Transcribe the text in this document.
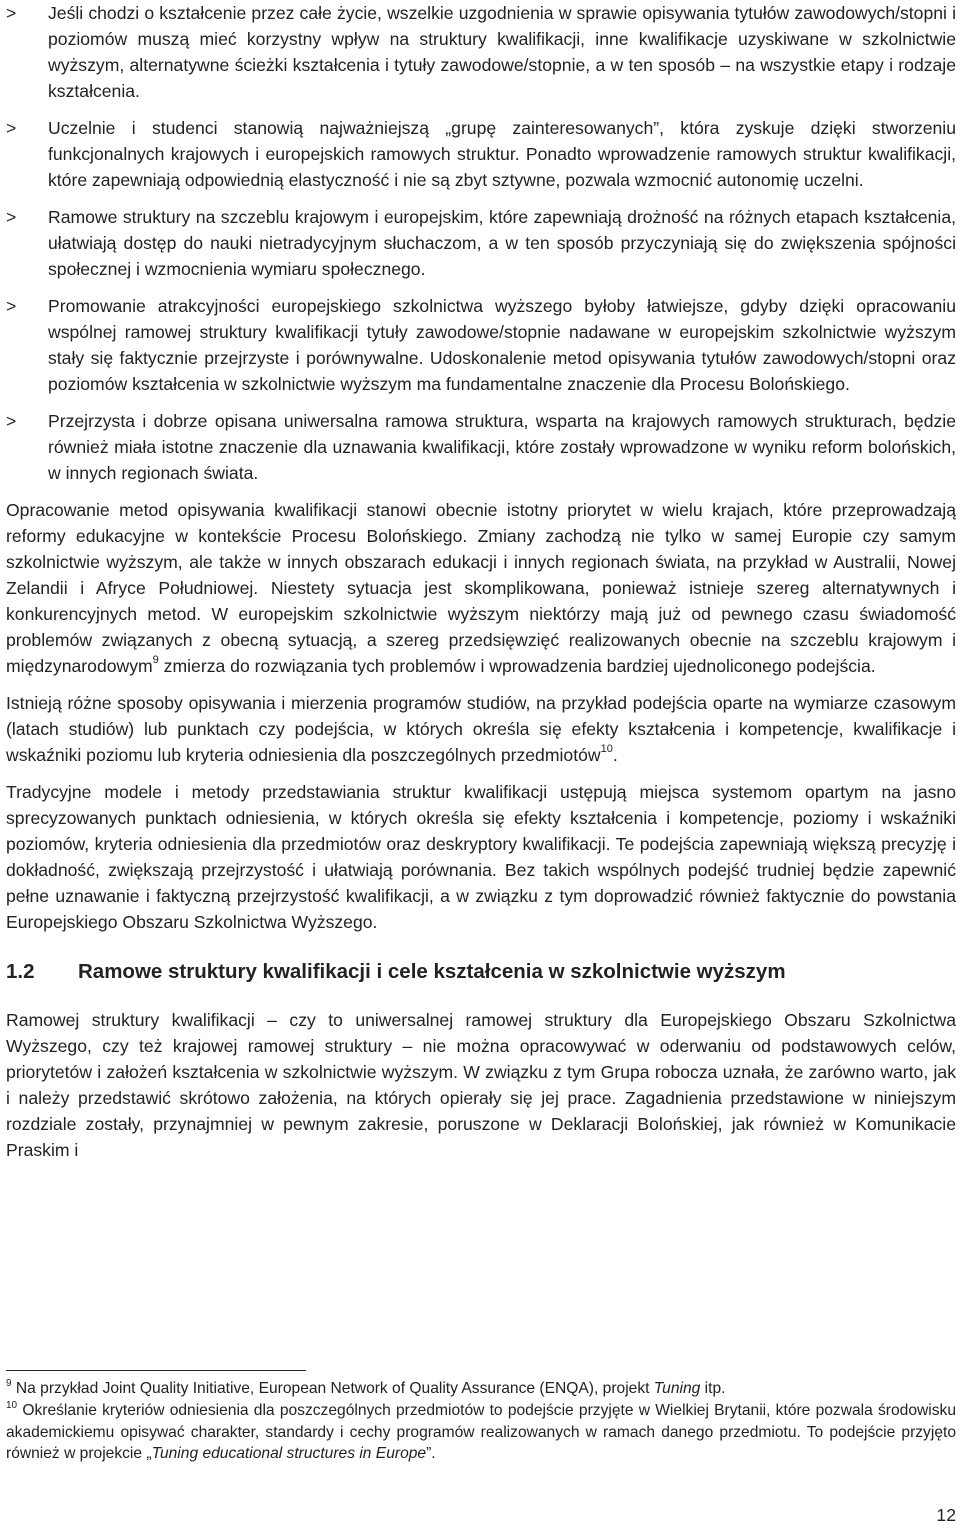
> Jeśli chodzi o kształcenie przez całe życie, wszelkie uzgodnienia w sprawie opisywania tytułów zawodowych/stopni i poziomów muszą mieć korzystny wpływ na struktury kwalifikacji, inne kwalifikacje uzyskiwane w szkolnictwie wyższym, alternatywne ścieżki kształcenia i tytuły zawodowe/stopnie, a w ten sposób – na wszystkie etapy i rodzaje kształcenia.
> Uczelnie i studenci stanowią najważniejszą „grupę zainteresowanych”, która zyskuje dzięki stworzeniu funkcjonalnych krajowych i europejskich ramowych struktur. Ponadto wprowadzenie ramowych struktur kwalifikacji, które zapewniają odpowiednią elastyczność i nie są zbyt sztywne, pozwala wzmocnić autonomię uczelni.
> Ramowe struktury na szczeblu krajowym i europejskim, które zapewniają drożność na różnych etapach kształcenia, ułatwiają dostęp do nauki nietradycyjnym słuchaczom, a w ten sposób przyczyniają się do zwiększenia spójności społecznej i wzmocnienia wymiaru społecznego.
> Promowanie atrakcyjności europejskiego szkolnictwa wyższego byłoby łatwiejsze, gdyby dzięki opracowaniu wspólnej ramowej struktury kwalifikacji tytuły zawodowe/stopnie nadawane w europejskim szkolnictwie wyższym stały się faktycznie przejrzyste i porównywalne. Udoskonalenie metod opisywania tytułów zawodowych/stopni oraz poziomów kształcenia w szkolnictwie wyższym ma fundamentalne znaczenie dla Procesu Bolońskiego.
> Przejrzysta i dobrze opisana uniwersalna ramowa struktura, wsparta na krajowych ramowych strukturach, będzie również miała istotne znaczenie dla uznawania kwalifikacji, które zostały wprowadzone w wyniku reform bolońskich, w innych regionach świata.

Opracowanie metod opisywania kwalifikacji stanowi obecnie istotny priorytet w wielu krajach, które przeprowadzają reformy edukacyjne w kontekście Procesu Bolońskiego. Zmiany zachodzą nie tylko w samej Europie czy samym szkolnictwie wyższym, ale także w innych obszarach edukacji i innych regionach świata, na przykład w Australii, Nowej Zelandii i Afryce Południowej. Niestety sytuacja jest skomplikowana, ponieważ istnieje szereg alternatywnych i konkurencyjnych metod. W europejskim szkolnictwie wyższym niektórzy mają już od pewnego czasu świadomość problemów związanych z obecną sytuacją, a szereg przedsięwzięć realizowanych obecnie na szczeblu krajowym i międzynarodowym$^9$ zmierza do rozwiązania tych problemów i wprowadzenia bardziej ujednoliconego podejścia.

Istnieją różne sposoby opisywania i mierzenia programów studiów, na przykład podejścia oparte na wymiarze czasowym (latach studiów) lub punktach czy podejścia, w których określa się efekty kształcenia i kompetencje, kwalifikacje i wskaźniki poziomu lub kryteria odniesienia dla poszczególnych przedmiotów$^{10}$.

Tradycyjne modele i metody przedstawiania struktur kwalifikacji ustępują miejsca systemom opartym na jasno sprecyzowanych punktach odniesienia, w których określa się efekty kształcenia i kompetencje, poziomy i wskaźniki poziomów, kryteria odniesienia dla przedmiotów oraz deskryptory kwalifikacji. Te podejścia zapewniają większą precyzję i dokładność, zwiększają przejrzystość i ułatwiają porównania. Bez takich wspólnych podejść trudniej będzie zapewnić pełne uznawanie i faktyczną przejrzystość kwalifikacji, a w związku z tym doprowadzić również faktycznie do powstania Europejskiego Obszaru Szkolnictwa Wyższego.

1.2 Ramowe struktury kwalifikacji i cele kształcenia w szkolnictwie wyższym

Ramowej struktury kwalifikacji – czy to uniwersalnej ramowej struktury dla Europejskiego Obszaru Szkolnictwa Wyższego, czy też krajowej ramowej struktury – nie można opracowywać w oderwaniu od podstawowych celów, priorytetów i założeń kształcenia w szkolnictwie wyższym. W związku z tym Grupa robocza uznała, że zarówno warto, jak i należy przedstawić skrótowo założenia, na których opierały się jej prace. Zagadnienia przedstawione w niniejszym rozdziale zostały, przynajmniej w pewnym zakresie, poruszone w Deklaracji Bolońskiej, jak również w Komunikacie Praskim i

$^9$ Na przykład Joint Quality Initiative, European Network of Quality Assurance (ENQA), projekt Tuning itp.

$^{10}$ Określanie kryteriów odniesienia dla poszczególnych przedmiotów to podejście przyjęte w Wielkiej Brytanii, które pozwala środowisku akademickiemu opisywać charakter, standardy i cechy programów realizowanych w ramach danego przedmiotu. To podejście przyjęto również w projekcie „Tuning educational structures in Europe”.

12
